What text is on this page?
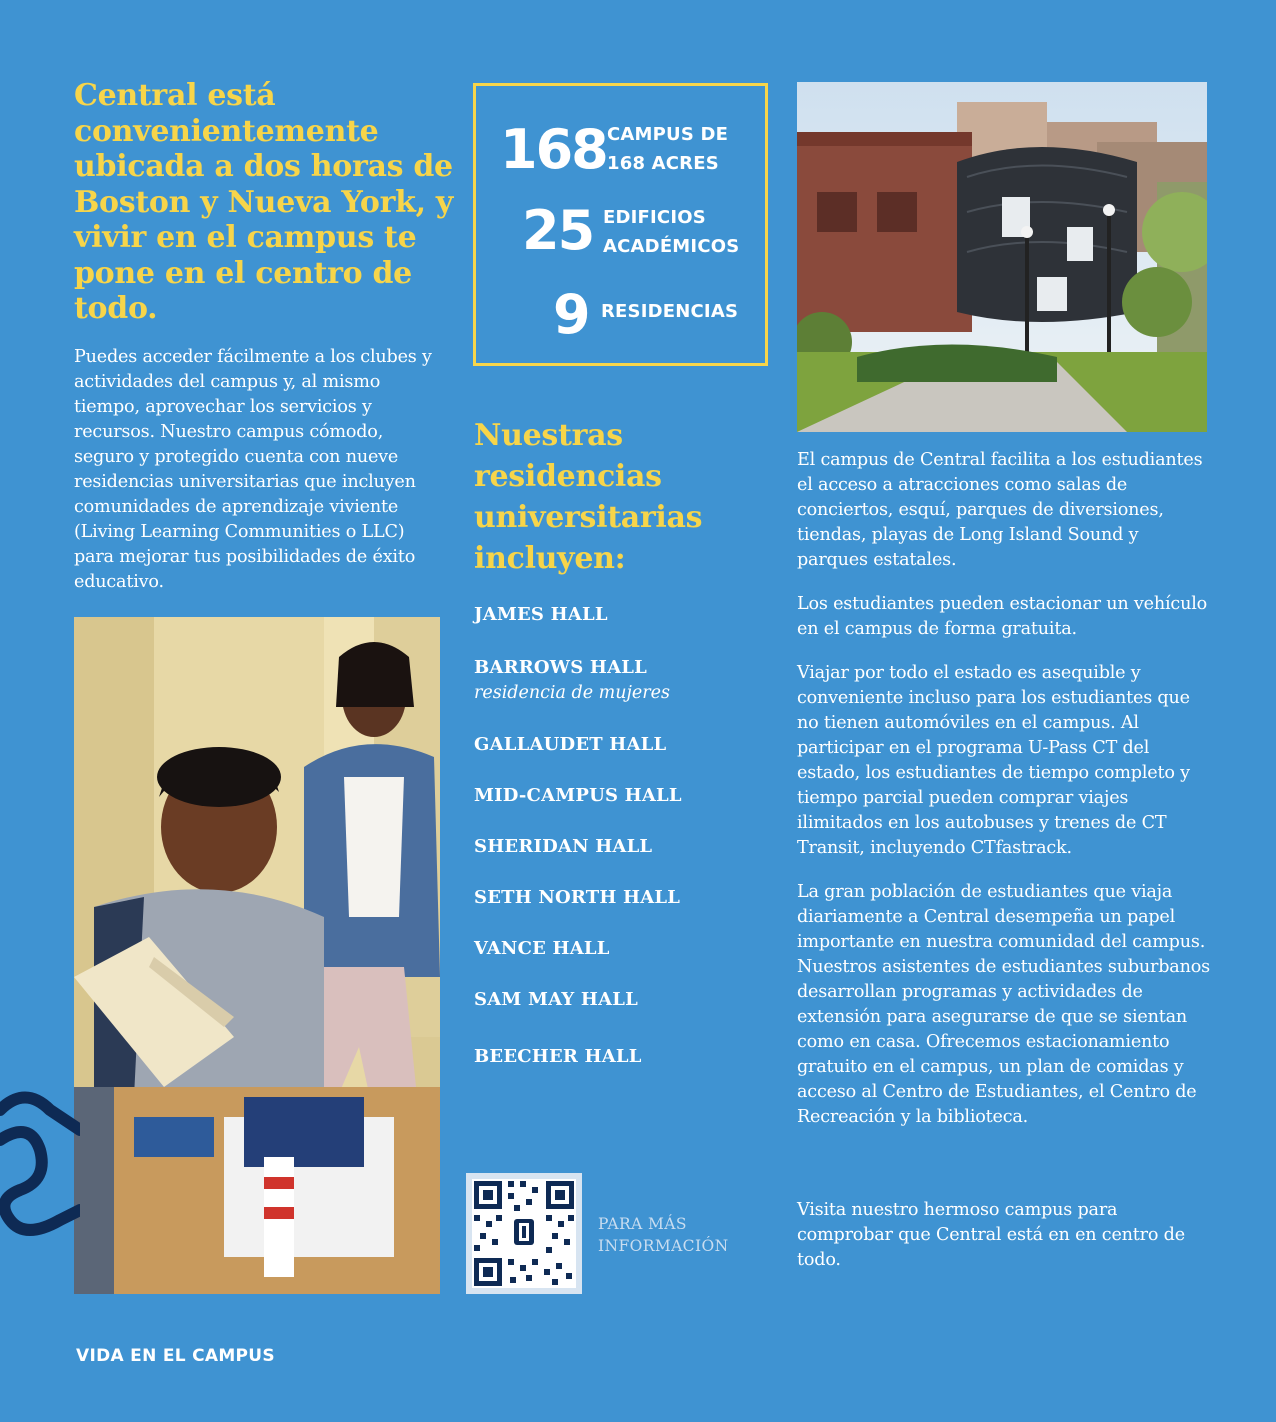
Central está convenientemente ubicada a dos horas de Boston y Nueva York, y vivir en el campus te pone en el centro de todo.

Puedes acceder fácilmente a los clubes y actividades del campus y, al mismo tiempo, aprovechar los servicios y recursos. Nuestro campus cómodo, seguro y protegido cuenta con nueve residencias universitarias que incluyen comunidades de aprendizaje viviente (Living Learning Communities o LLC) para mejorar tus posibilidades de éxito educativo.

168 CAMPUS DE
168 ACRES
25 EDIFICIOS
ACADÉMICOS
9 RESIDENCIAS
Nuestras residencias universitarias incluyen:
JAMES HALL
BARROWS HALL
residencia de mujeres
GALLAUDET HALL
MID-CAMPUS HALL
SHERIDAN HALL
SETH NORTH HALL
VANCE HALL
SAM MAY HALL
BEECHER HALL
PARA MÁS
INFORMACIÓN

El campus de Central facilita a los estudiantes el acceso a atracciones como salas de conciertos, esquí, parques de diversiones, tiendas, playas de Long Island Sound y parques estatales.

Los estudiantes pueden estacionar un vehículo en el campus de forma gratuita.

Viajar por todo el estado es asequible y conveniente incluso para los estudiantes que no tienen automóviles en el campus. Al participar en el programa U-Pass CT del estado, los estudiantes de tiempo completo y tiempo parcial pueden comprar viajes ilimitados en los autobuses y trenes de CT Transit, incluyendo CTfastrack.

La gran población de estudiantes que viaja diariamente a Central desempeña un papel importante en nuestra comunidad del campus. Nuestros asistentes de estudiantes suburbanos desarrollan programas y actividades de extensión para asegurarse de que se sientan como en casa. Ofrecemos estacionamiento gratuito en el campus, un plan de comidas y acceso al Centro de Estudiantes, el Centro de Recreación y la biblioteca.

Visita nuestro hermoso campus para comprobar que Central está en en centro de todo.

VIDA EN EL CAMPUS
